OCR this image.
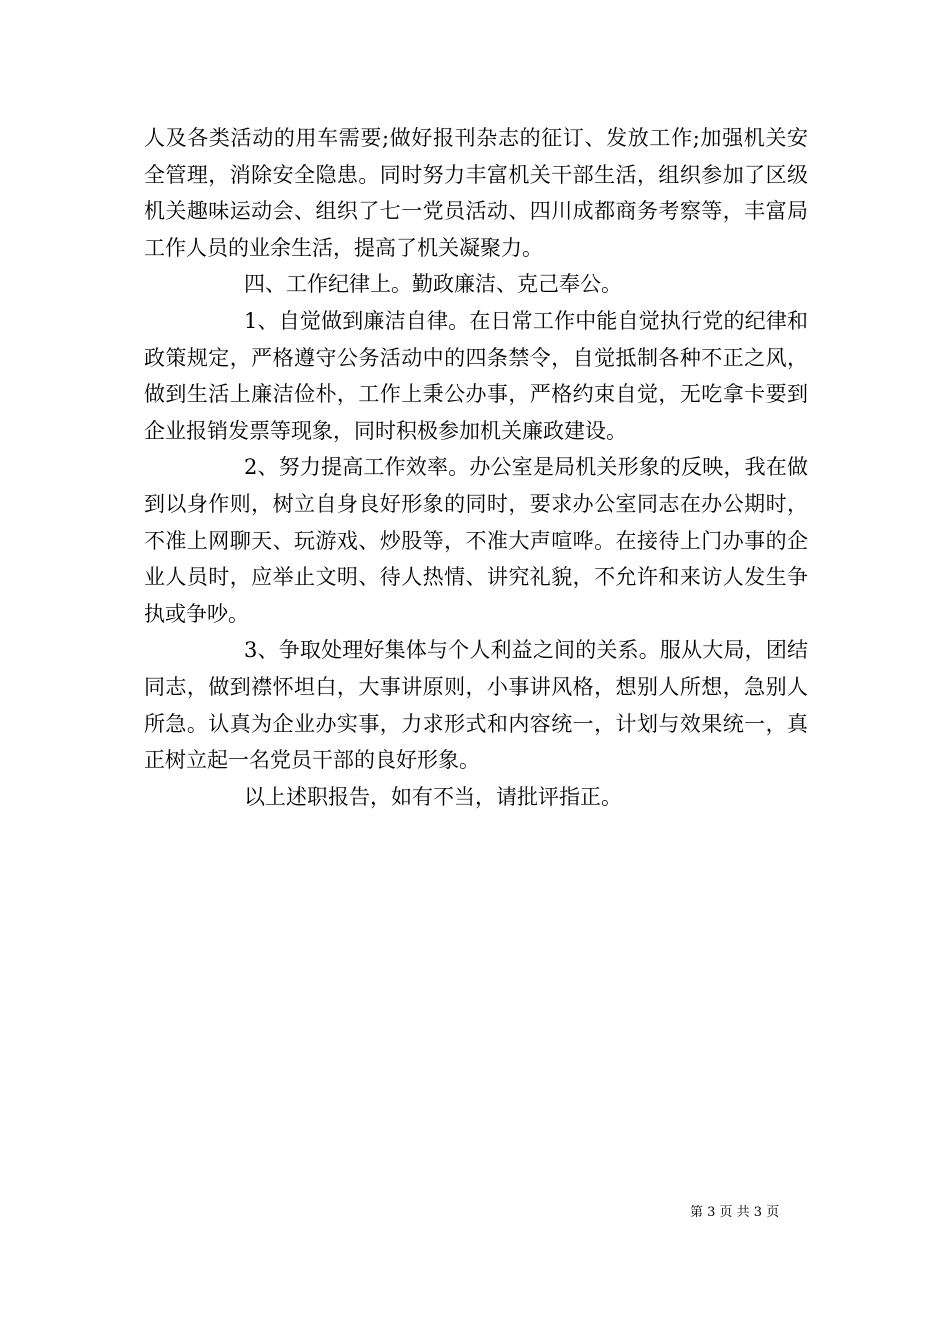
人及各类活动的用车需要;做好报刊杂志的征订、发放工作;加强机关安全管理，消除安全隐患。同时努力丰富机关干部生活，组织参加了区级机关趣味运动会、组织了七一党员活动、四川成都商务考察等，丰富局工作人员的业余生活，提高了机关凝聚力。

四、工作纪律上。勤政廉洁、克己奉公。

1、自觉做到廉洁自律。在日常工作中能自觉执行党的纪律和政策规定，严格遵守公务活动中的四条禁令，自觉抵制各种不正之风，做到生活上廉洁俭朴，工作上秉公办事，严格约束自觉，无吃拿卡要到企业报销发票等现象，同时积极参加机关廉政建设。

2、努力提高工作效率。办公室是局机关形象的反映，我在做到以身作则，树立自身良好形象的同时，要求办公室同志在办公期时，不准上网聊天、玩游戏、炒股等，不准大声喧哗。在接待上门办事的企业人员时，应举止文明、待人热情、讲究礼貌，不允许和来访人发生争执或争吵。

3、争取处理好集体与个人利益之间的关系。服从大局，团结同志，做到襟怀坦白，大事讲原则，小事讲风格，想别人所想，急别人所急。认真为企业办实事，力求形式和内容统一，计划与效果统一，真正树立起一名党员干部的良好形象。

以上述职报告，如有不当，请批评指正。

第 3 页 共 3 页
